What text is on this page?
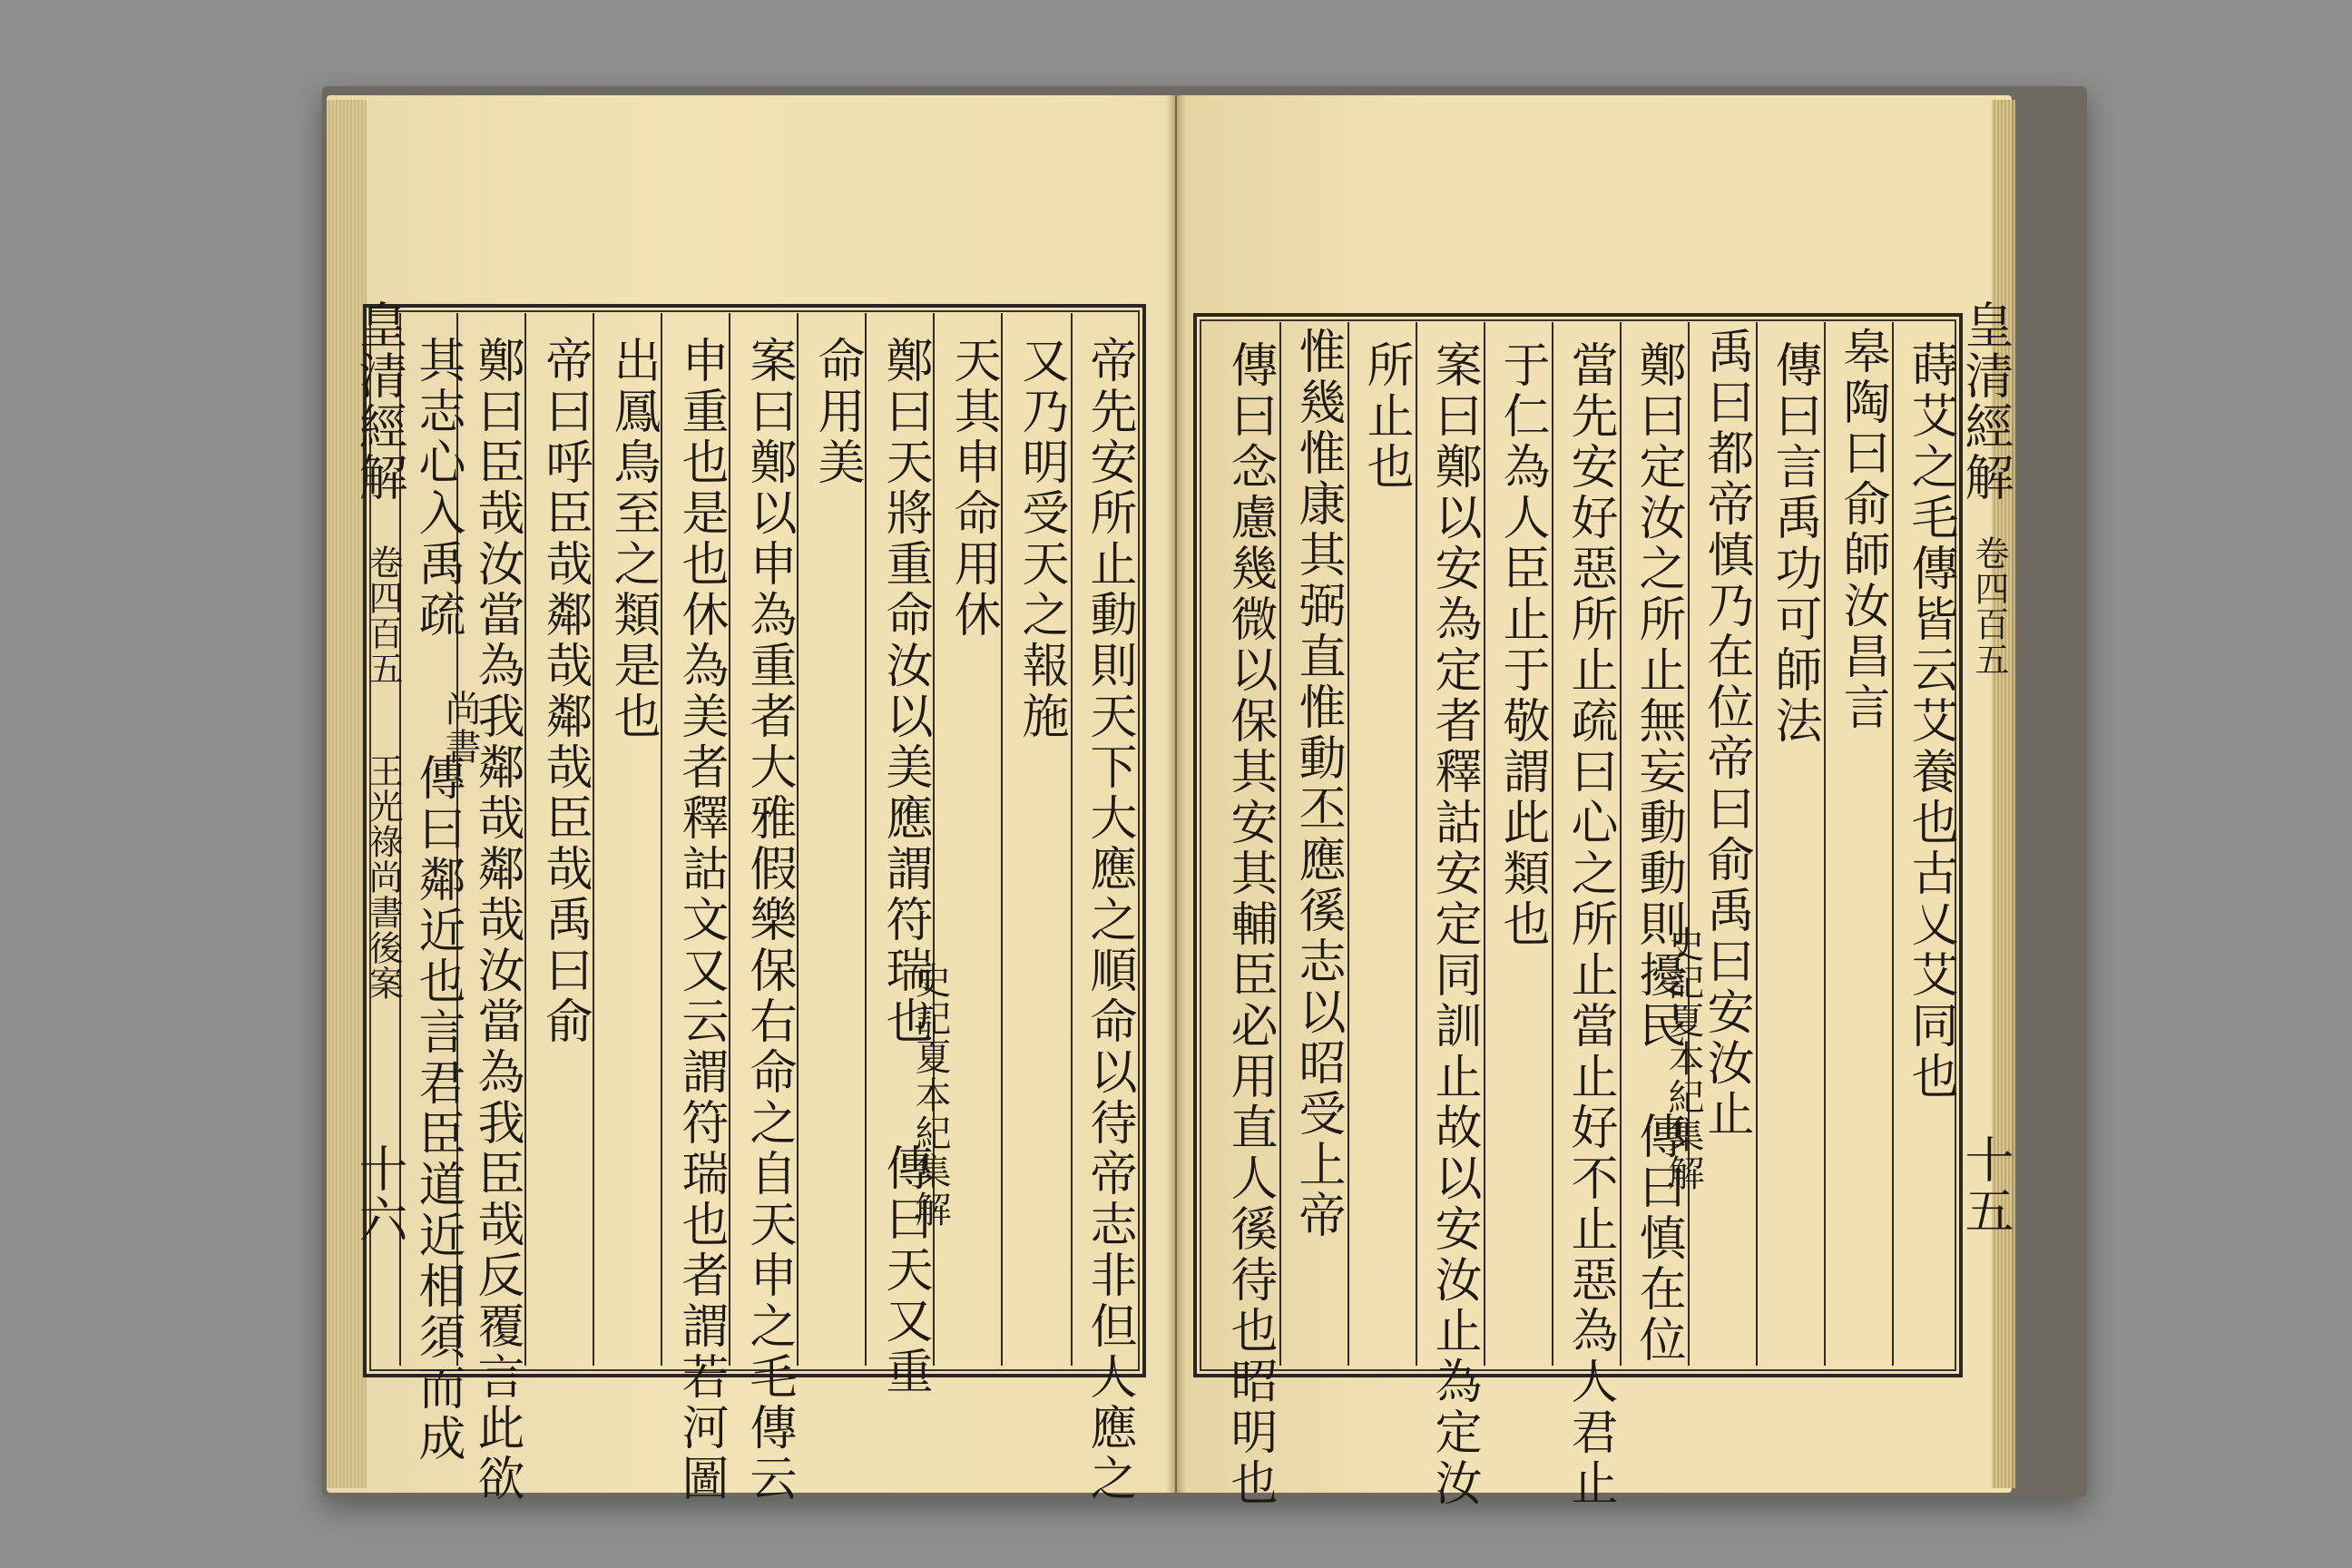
帝先安所止動則天下大應之順命以待帝志非但人應之
又乃明受天之報施
天其申命用休
鄭曰天將重命汝以美應謂符瑞也
史記夏本紀集解
傳曰天又重
命用美
案曰鄭以申為重者大雅假樂保右命之自天申之毛傳云
申重也是也休為美者釋詁文又云謂符瑞也者謂若河圖
出鳳鳥至之類是也
帝曰呼臣哉鄰哉鄰哉臣哉禹曰俞
鄭曰臣哉汝當為我鄰哉鄰哉汝當為我臣哉反覆言此欲
其志心入禹疏
尚書
傳曰鄰近也言君臣道近相須而成
皇清經解
卷四百五
王光祿尚書後案
十六
蒔艾之毛傳皆云艾養也古乂艾同也
皋陶曰俞師汝昌言
傳曰言禹功可師法
禹曰都帝慎乃在位帝曰俞禹曰安汝止
鄭曰定汝之所止無妄動動則擾民
史記夏本紀集解
傳曰慎在位
當先安好惡所止疏曰心之所止當止好不止惡為人君止
于仁為人臣止于敬謂此類也
案曰鄭以安為定者釋詁安定同訓止故以安汝止為定汝
所止也
惟幾惟康其弼直惟動丕應徯志以昭受上帝
傳曰念慮幾微以保其安其輔臣必用直人徯待也昭明也	皇清經解
卷四百五
十五
